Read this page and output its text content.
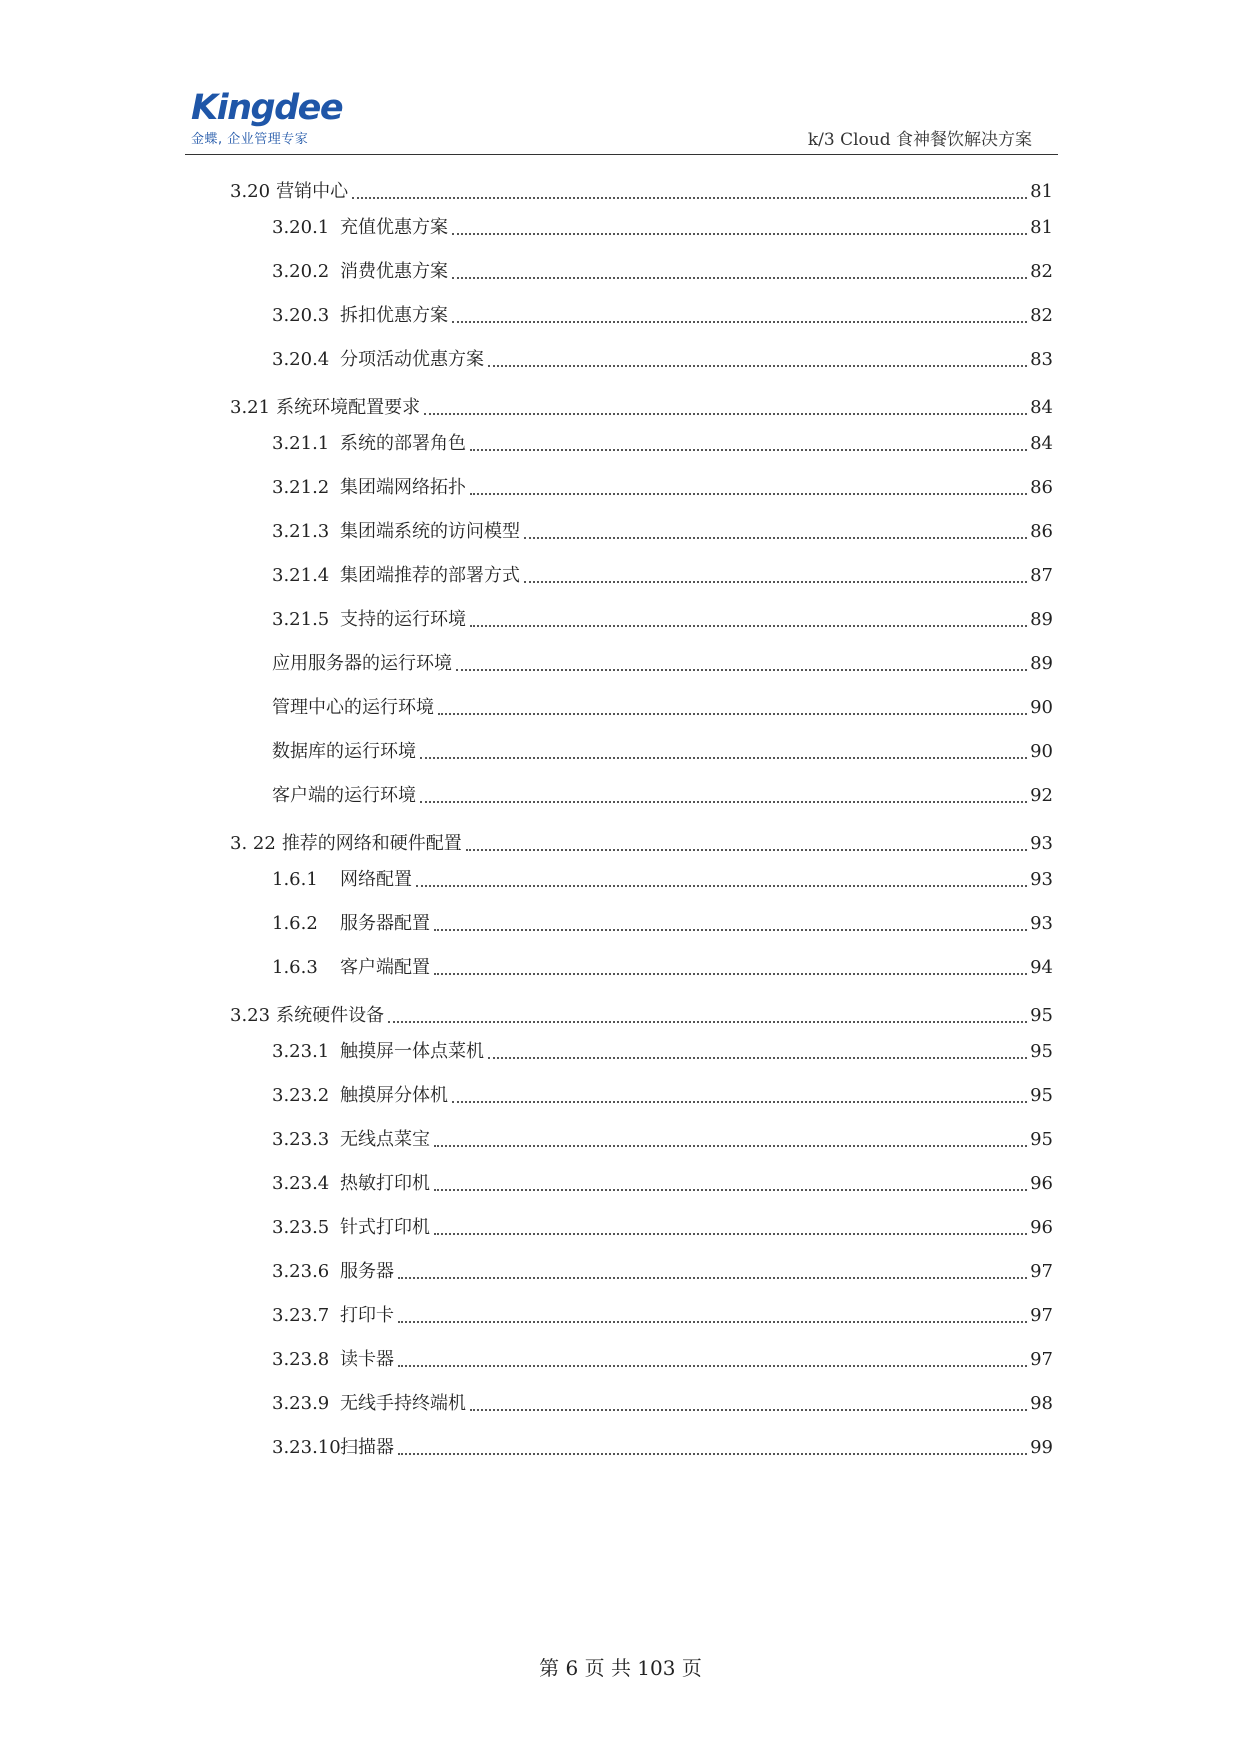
Kingdee
金蝶, 企业管理专家	k/3 Cloud 食神餐饮解决方案
3.20 营销中心	81
3.20.1 充值优惠方案	81
3.20.2 消费优惠方案	82
3.20.3 拆扣优惠方案	82
3.20.4 分项活动优惠方案	83
3.21 系统环境配置要求	84
3.21.1 系统的部署角色	84
3.21.2 集团端网络拓扑	86
3.21.3 集团端系统的访问模型	86
3.21.4 集团端推荐的部署方式	87
3.21.5 支持的运行环境	89
应用服务器的运行环境	89
管理中心的运行环境	90
数据库的运行环境	90
客户端的运行环境	92
3. 22 推荐的网络和硬件配置	93
1.6.1	网络配置	93
1.6.2	服务器配置	93
1.6.3	客户端配置	94
3.23 系统硬件设备	95
3.23.1 触摸屏一体点菜机	95
3.23.2 触摸屏分体机	95
3.23.3 无线点菜宝	95
3.23.4 热敏打印机	96
3.23.5 针式打印机	96
3.23.6 服务器	97
3.23.7 打印卡	97
3.23.8 读卡器	97
3.23.9 无线手持终端机	98
3.23.10 扫描器	99
第 6 页 共 103 页
